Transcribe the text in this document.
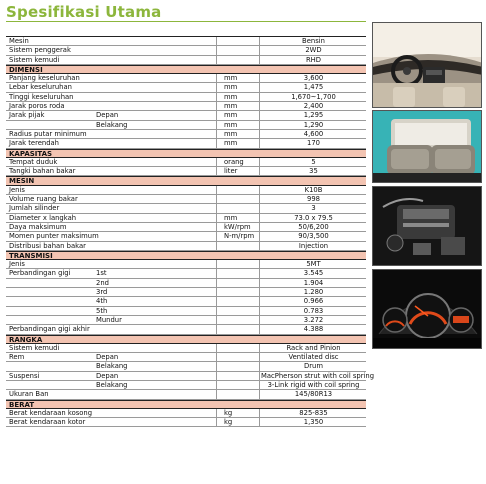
Spesifikasi Utama
Mesin	Bensin
Sistem penggerak	2WD
Sistem kemudi	RHD
DIMENSI
Panjang keseluruhan	mm	3,600
Lebar keseluruhan	mm	1,475
Tinggi keseluruhan	mm	1,670~1,700
Jarak poros roda	mm	2,400
Jarak pijak	Depan	mm	1,295
Belakang	mm	1,290
Radius putar minimum	mm	4,600
Jarak terendah	mm	170
KAPASITAS
Tempat duduk	orang	5
Tangki bahan bakar	liter	35
MESIN
Jenis	K10B
Volume ruang bakar	998
Jumlah silinder	3
Diameter x langkah	mm	73.0 x 79.5
Daya maksimum	kW/rpm	50/6,200
Momen punter maksimum	N-m/rpm	90/3,500
Distribusi bahan bakar	Injection
TRANSMISI
Jenis	5MT
Perbandingan gigi	1st	3.545
2nd	1.904
3rd	1.280
4th	0.966
5th	0.783
Mundur	3.272
Perbandingan gigi akhir	4.388
RANGKA
Sistem kemudi	Rack and Pinion
Rem	Depan	Ventilated disc
Belakang	Drum
Suspensi	Depan	MacPherson strut with coil spring
Belakang	3-Link rigid with coil spring
Ukuran Ban	145/80R13
BERAT
Berat kendaraan kosong	kg	825-835
Berat kendaraan kotor	kg	1,350
